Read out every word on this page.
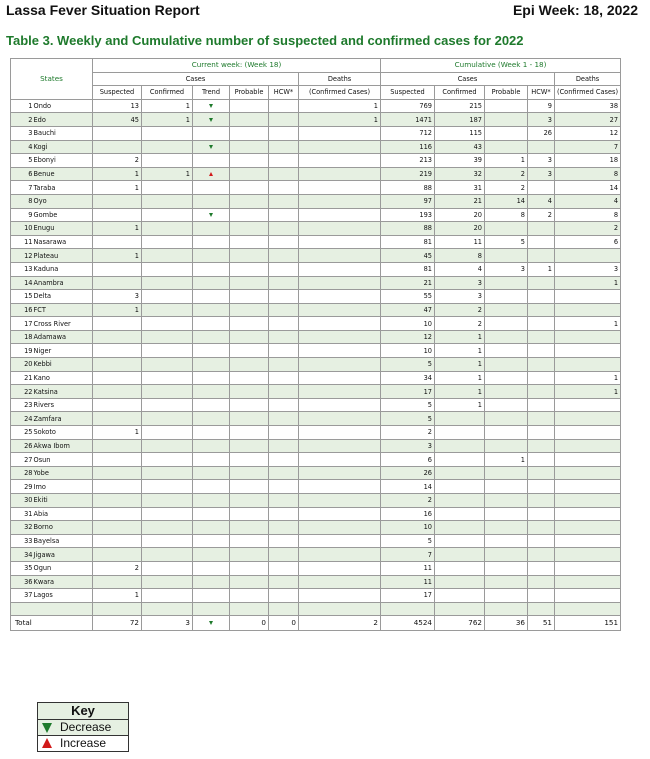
Lassa Fever Situation Report	Epi Week: 18, 2022
Table 3. Weekly and Cumulative number of suspected and confirmed cases for 2022
States		Current week: (Week 18)						Cumulative (Week 1 - 18)				
		Cases					Deaths	Cases				Deaths
		Suspected	Confirmed	Trend	Probable	HCW*	(Confirmed Cases)	Suspected	Confirmed	Probable	HCW*	(Confirmed Cases)
1	Ondo	13	1				1	769	215		9	38
2	Edo	45	1				1	1471	187		3	27
3	Bauchi							712	115		26	12
4	Kogi							116	43			7
5	Ebonyi	2						213	39	1	3	18
6	Benue	1	1					219	32	2	3	8
7	Taraba	1						88	31	2		14
8	Oyo							97	21	14	4	4
9	Gombe							193	20	8	2	8
10	Enugu	1						88	20			2
11	Nasarawa							81	11	5		6
12	Plateau	1						45	8			
13	Kaduna							81	4	3	1	3
14	Anambra							21	3			1
15	Delta	3						55	3			
16	FCT	1						47	2			
17	Cross River							10	2			1
18	Adamawa							12	1			
19	Niger							10	1			
20	Kebbi							5	1			
21	Kano							34	1			1
22	Katsina							17	1			1
23	Rivers							5	1			
24	Zamfara							5				
25	Sokoto	1						2				
26	Akwa Ibom							3				
27	Osun							6		1		
28	Yobe							26				
29	Imo							14				
30	Ekiti							2				
31	Abia							16				
32	Borno							10				
33	Bayelsa							5				
34	Jigawa							7				
35	Ogun	2						11				
36	Kwara							11				
37	Lagos	1						17				

Total		72	3		0	0	2	4524	762	36	51	151
Key
Decrease
Increase
